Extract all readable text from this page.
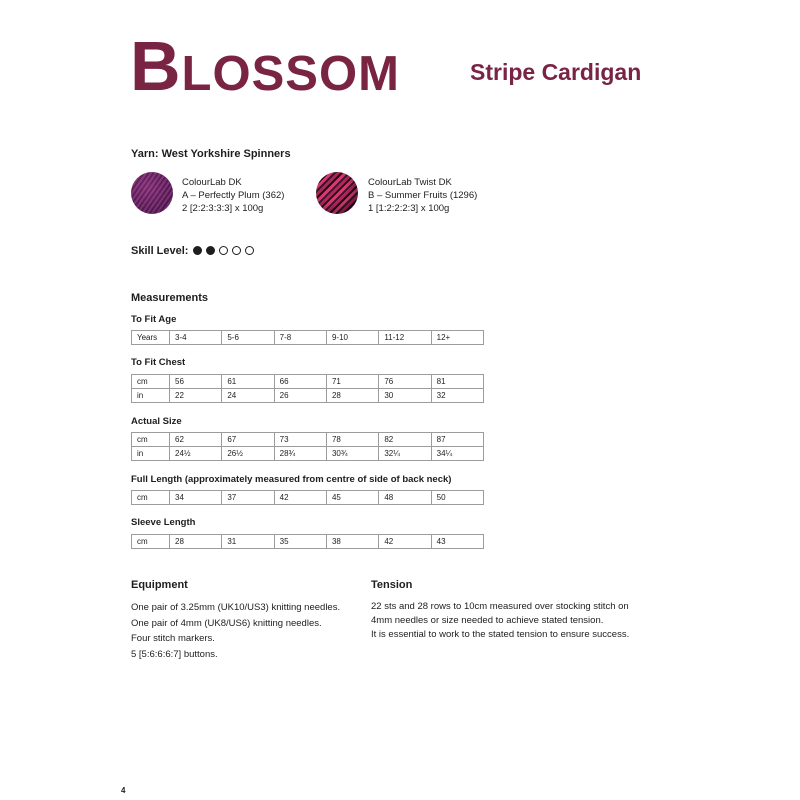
Blossom	Stripe Cardigan
Yarn: West Yorkshire Spinners
ColourLab DK
A – Perfectly Plum (362)
2 [2:2:3:3:3] x 100g
ColourLab Twist DK
B – Summer Fruits (1296)
1 [1:2:2:2:3] x 100g
Skill Level:
Measurements
To Fit Age
Years	3-4	5-6	7-8	9-10	11-12	12+
To Fit Chest
cm	56	61	66	71	76	81
in	22	24	26	28	30	32
Actual Size
cm	62	67	73	78	82	87
in	24½	26½	28¾	30¾	32¼	34¼
Full Length (approximately measured from centre of side of back neck)
cm	34	37	42	45	48	50
Sleeve Length
cm	28	31	35	38	42	43
Equipment
One pair of 3.25mm (UK10/US3) knitting needles.
One pair of 4mm (UK8/US6) knitting needles.
Four stitch markers.
5 [5:6:6:6:7] buttons.
Tension
22 sts and 28 rows to 10cm measured over stocking stitch on
4mm needles or size needed to achieve stated tension.
It is essential to work to the stated tension to ensure success.
4
